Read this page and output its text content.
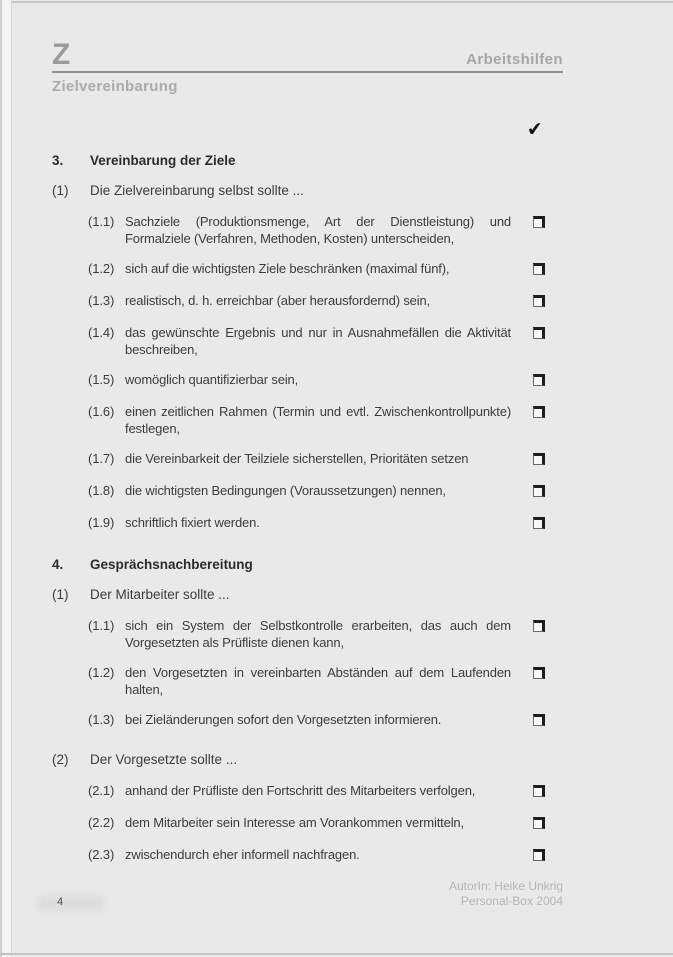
Z	Arbeitshilfen
Zielvereinbarung
✔
3.	Vereinbarung der Ziele
(1)	Die Zielvereinbarung selbst sollte ...
(1.1) Sachziele (Produktionsmenge, Art der Dienstleistung) und Formalziele (Verfahren, Methoden, Kosten) unterscheiden,
(1.2) sich auf die wichtigsten Ziele beschränken (maximal fünf),
(1.3) realistisch, d. h. erreichbar (aber herausfordernd) sein,
(1.4) das gewünschte Ergebnis und nur in Ausnahmefällen die Aktivität beschreiben,
(1.5) womöglich quantifizierbar sein,
(1.6) einen zeitlichen Rahmen (Termin und evtl. Zwischenkontrollpunkte) festlegen,
(1.7) die Vereinbarkeit der Teilziele sicherstellen, Prioritäten setzen
(1.8) die wichtigsten Bedingungen (Voraussetzungen) nennen,
(1.9) schriftlich fixiert werden.
4.	Gesprächsnachbereitung
(1)	Der Mitarbeiter sollte ...
(1.1) sich ein System der Selbstkontrolle erarbeiten, das auch dem Vorgesetzten als Prüfliste dienen kann,
(1.2) den Vorgesetzten in vereinbarten Abständen auf dem Laufenden halten,
(1.3) bei Zieländerungen sofort den Vorgesetzten informieren.
(2)	Der Vorgesetzte sollte ...
(2.1) anhand der Prüfliste den Fortschritt des Mitarbeiters verfolgen,
(2.2) dem Mitarbeiter sein Interesse am Vorankommen vermitteln,
(2.3) zwischendurch eher informell nachfragen.
4
AutorIn: Heike Unkrig
Personal-Box 2004
